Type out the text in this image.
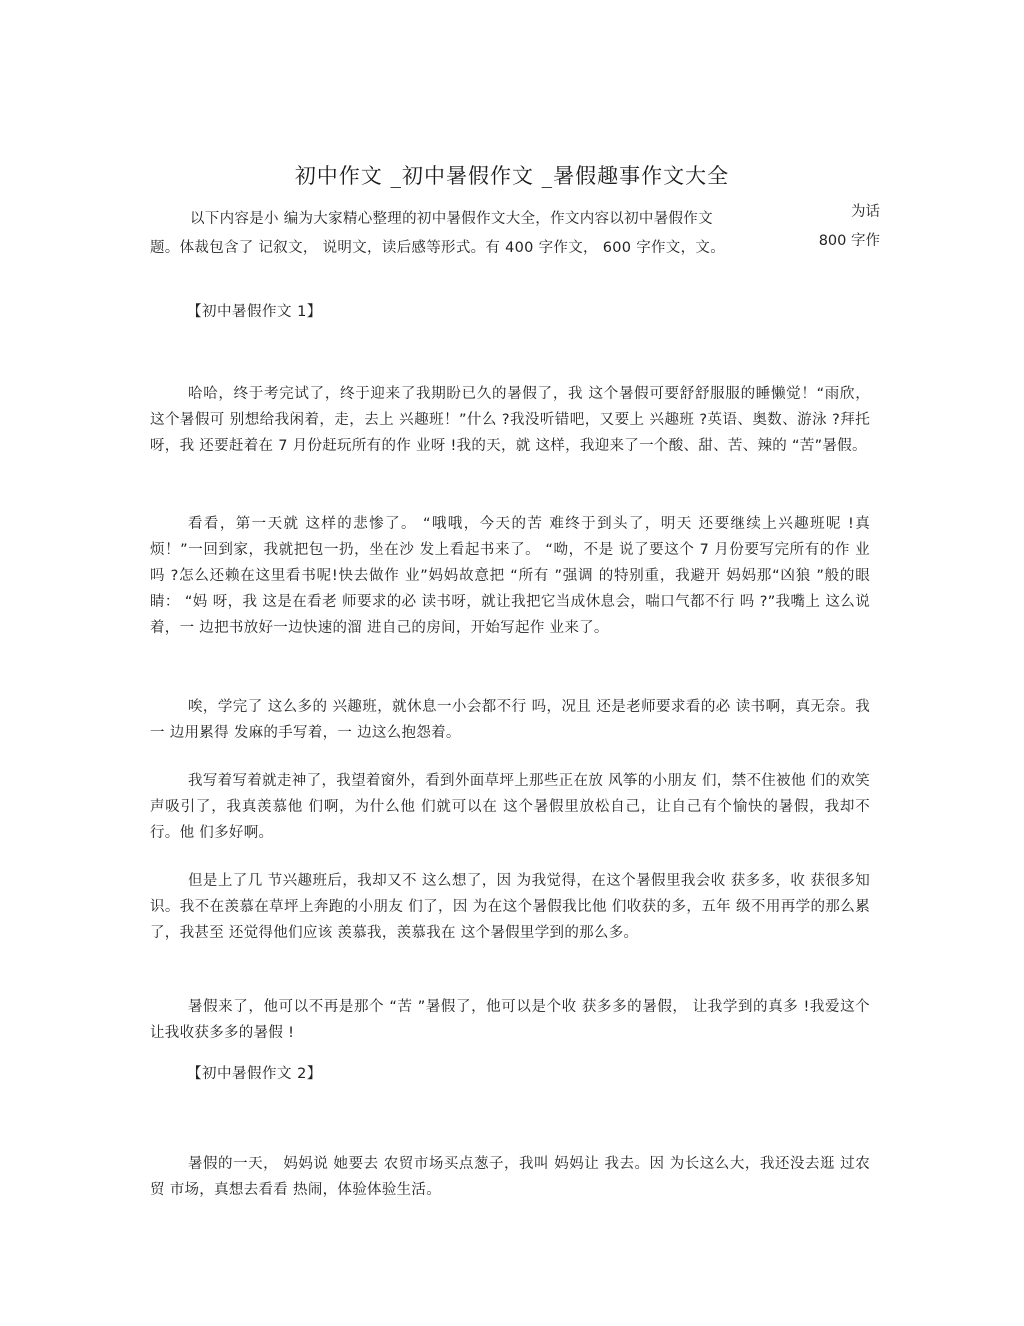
初中作文 _初中暑假作文 _暑假趣事作文大全
以下内容是小 编为大家精心整理的初中暑假作文大全，作文内容以初中暑假作文
题。体裁包含了 记叙文， 说明文，读后感等形式。有 400 字作文， 600 字作文，文。
为话
800 字作
【初中暑假作文 1】
哈哈，终于考完试了，终于迎来了我期盼已久的暑假了，我 这个暑假可要舒舒服服的睡懒觉！“雨欣， 这个暑假可 别想给我闲着，走，去上 兴趣班！”什么 ?我没听错吧，又要上 兴趣班 ?英语、奥数、游泳 ?拜托呀，我 还要赶着在 7 月份赶玩所有的作 业呀 !我的天，就 这样，我迎来了一个酸、甜、苦、辣的 “苦”暑假。
看看，第一天就 这样的悲惨了。 “哦哦，今天的苦 难终于到头了，明天 还要继续上兴趣班呢 !真烦！”一回到家，我就把包一扔，坐在沙 发上看起书来了。 “呦，不是 说了要这个 7 月份要写完所有的作 业吗 ?怎么还赖在这里看书呢!快去做作 业”妈妈故意把 “所有 ”强调 的特别重，我避开 妈妈那“凶狼 ”般的眼睛： “妈 呀，我 这是在看老 师要求的必 读书呀，就让我把它当成休息会，喘口气都不行 吗 ?”我嘴上 这么说着，一 边把书放好一边快速的溜 进自己的房间，开始写起作 业来了。
唉，学完了 这么多的 兴趣班，就休息一小会都不行 吗，况且 还是老师要求看的必 读书啊，真无奈。我一 边用累得 发麻的手写着，一 边这么抱怨着。
我写着写着就走神了，我望着窗外，看到外面草坪上那些正在放 风筝的小朋友 们，禁不住被他 们的欢笑声吸引了，我真羡慕他 们啊，为什么他 们就可以在 这个暑假里放松自己，让自己有个愉快的暑假，我却不行。他 们多好啊。
但是上了几 节兴趣班后，我却又不 这么想了，因 为我觉得，在这个暑假里我会收 获多多，收 获很多知 识。我不在羡慕在草坪上奔跑的小朋友 们了，因 为在这个暑假我比他 们收获的多，五年 级不用再学的那么累了，我甚至 还觉得他们应该 羡慕我，羡慕我在 这个暑假里学到的那么多。
暑假来了，他可以不再是那个 “苦 ”暑假了，他可以是个收 获多多的暑假， 让我学到的真多 !我爱这个让我收获多多的暑假 !
【初中暑假作文 2】
暑假的一天， 妈妈说 她要去 农贸市场买点葱子，我叫 妈妈让 我去。因 为长这么大，我还没去逛 过农贸 市场，真想去看看 热闹，体验体验生活。
